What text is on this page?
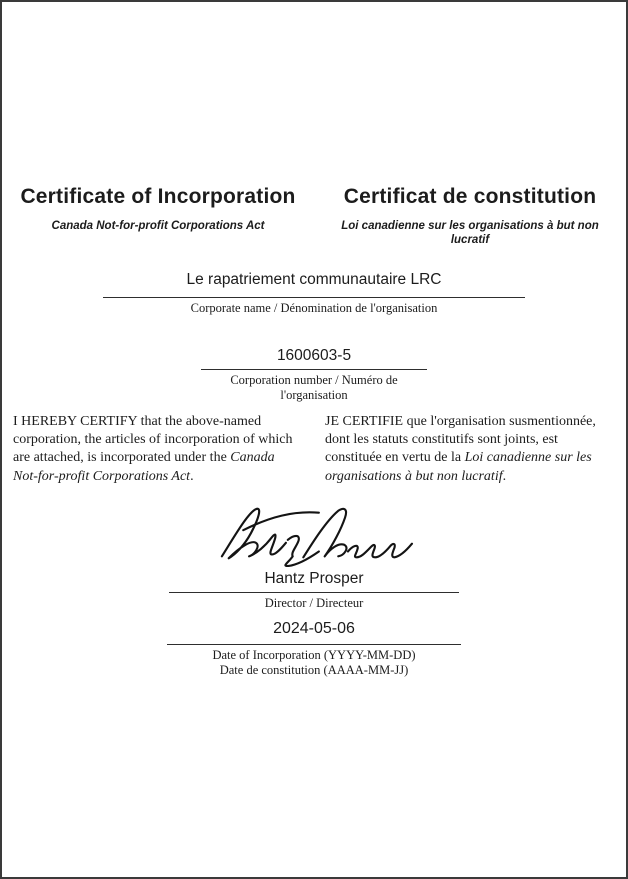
Certificate of Incorporation
Canada Not-for-profit Corporations Act
Certificat de constitution
Loi canadienne sur les organisations à but non lucratif
Le rapatriement communautaire LRC
Corporate name / Dénomination de l'organisation
1600603-5
Corporation number / Numéro de l'organisation

I HEREBY CERTIFY that the above-named corporation, the articles of incorporation of which are attached, is incorporated under the Canada Not-for-profit Corporations Act.

JE CERTIFIE que l'organisation susmentionnée, dont les statuts constitutifs sont joints, est constituée en vertu de la Loi canadienne sur les organisations à but non lucratif.

Hantz Prosper
Director / Directeur
2024-05-06
Date of Incorporation (YYYY-MM-DD)
Date de constitution (AAAA-MM-JJ)
